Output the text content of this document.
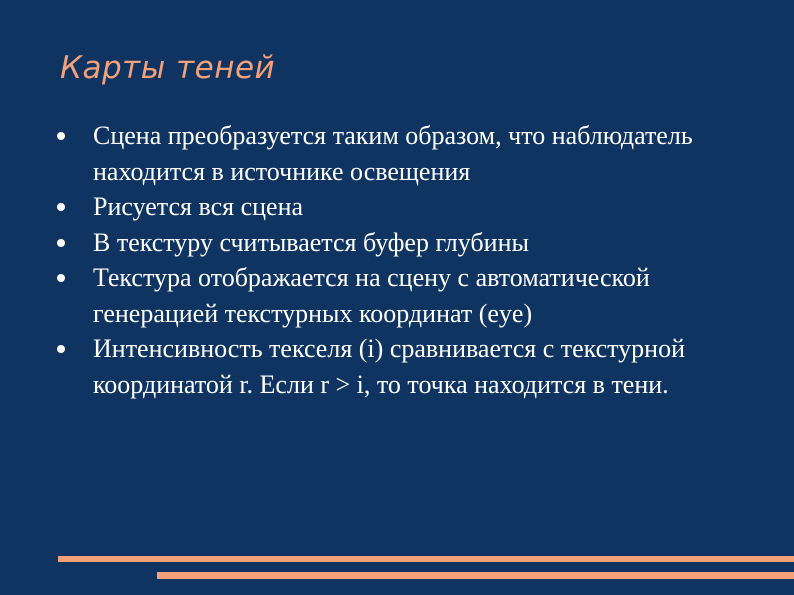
Карты теней
Сцена преобразуется таким образом, что наблюдатель находится в источнике освещения
Рисуется вся сцена
В текстуру считывается буфер глубины
Текстура отображается на сцену с автоматической генерацией текстурных координат (eye)
Интенсивность текселя (i) сравнивается с текстурной координатой r. Если r > i, то точка находится в тени.
